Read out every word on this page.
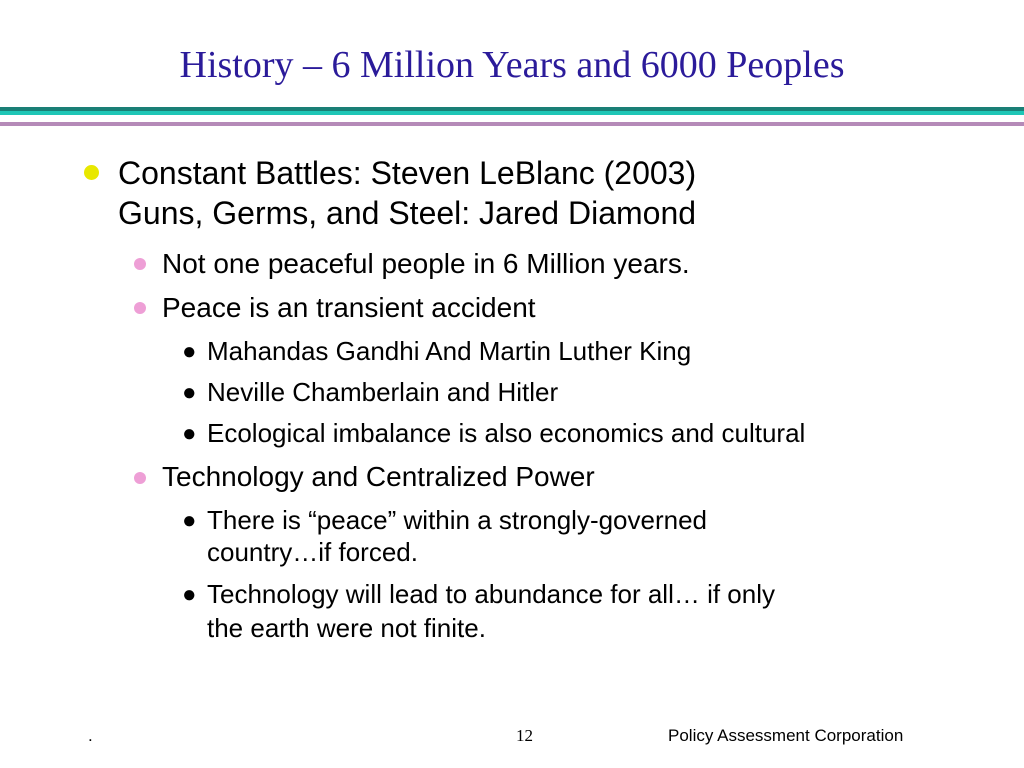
History – 6 Million Years and 6000 Peoples
Constant Battles: Steven LeBlanc (2003)
Guns, Germs, and Steel: Jared Diamond
Not one peaceful people in 6 Million years.
Peace is an transient accident
● Mahandas Gandhi And Martin Luther King
● Neville Chamberlain and Hitler
● Ecological imbalance is also economics and cultural
Technology and Centralized Power
● There is “peace” within a strongly-governed
country…if forced.
● Technology will lead to abundance for all… if only
the earth were not finite.
.	12	Policy Assessment Corporation
